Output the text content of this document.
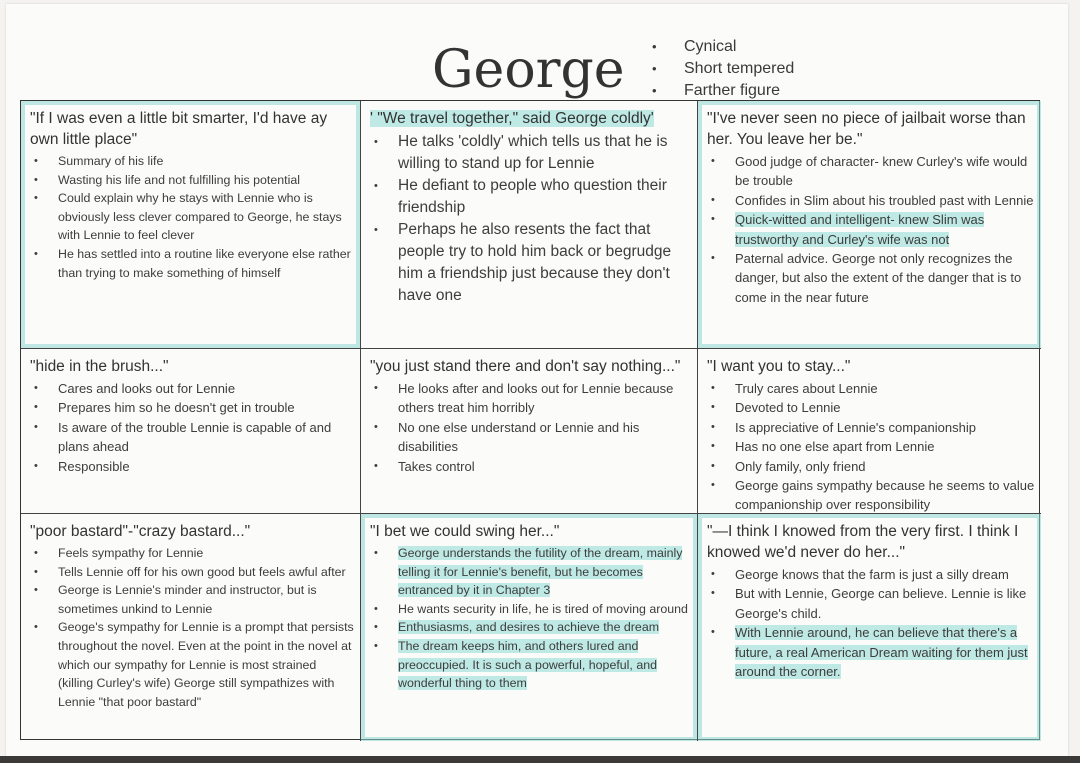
George
•	Cynical
• Short tempered
• Farther figure

"If I was even a little bit smarter, I'd have ay own little place"

• Summary of his life
• Wasting his life and not fulfilling his potential
• Could explain why he stays with Lennie who is obviously less clever compared to George, he stays with Lennie to feel clever
• He has settled into a routine like everyone else rather than trying to make something of himself

' "We travel together," said George coldly'

• He talks 'coldly' which tells us that he is willing to stand up for Lennie
• He defiant to people who question their friendship
• Perhaps he also resents the fact that people try to hold him back or begrudge him a friendship just because they don't have one

"I've never seen no piece of jailbait worse than her. You leave her be."

• Good judge of character- knew Curley's wife would be trouble
• Confides in Slim about his troubled past with Lennie
• Quick-witted and intelligent- knew Slim was trustworthy and Curley's wife was not
• Paternal advice. George not only recognizes the danger, but also the extent of the danger that is to come in the near future

"hide in the brush..."

• Cares and looks out for Lennie
• Prepares him so he doesn't get in trouble
• Is aware of the trouble Lennie is capable of and plans ahead
• Responsible

"you just stand there and don't say nothing..."

• He looks after and looks out for Lennie because others treat him horribly
• No one else understand or Lennie and his disabilities
• Takes control

"I want you to stay..."

• Truly cares about Lennie
• Devoted to Lennie
• Is appreciative of Lennie's companionship
• Has no one else apart from Lennie
• Only family, only friend
• George gains sympathy because he seems to value companionship over responsibility

"poor bastard"-"crazy bastard..."

• Feels sympathy for Lennie
• Tells Lennie off for his own good but feels awful after
• George is Lennie's minder and instructor, but is sometimes unkind to Lennie
• Geoge's sympathy for Lennie is a prompt that persists throughout the novel. Even at the point in the novel at which our sympathy for Lennie is most strained (killing Curley's wife) George still sympathizes with Lennie "that poor bastard"

"I bet we could swing her..."

• George understands the futility of the dream, mainly telling it for Lennie's benefit, but he becomes entranced by it in Chapter 3
• He wants security in life, he is tired of moving around
• Enthusiasms, and desires to achieve the dream
• The dream keeps him, and others lured and preoccupied. It is such a powerful, hopeful, and wonderful thing to them

"—I think I knowed from the very first. I think I knowed we'd never do her..."

• George knows that the farm is just a silly dream
• But with Lennie, George can believe. Lennie is like George's child.
• With Lennie around, he can believe that there's a future, a real American Dream waiting for them just around the corner.
